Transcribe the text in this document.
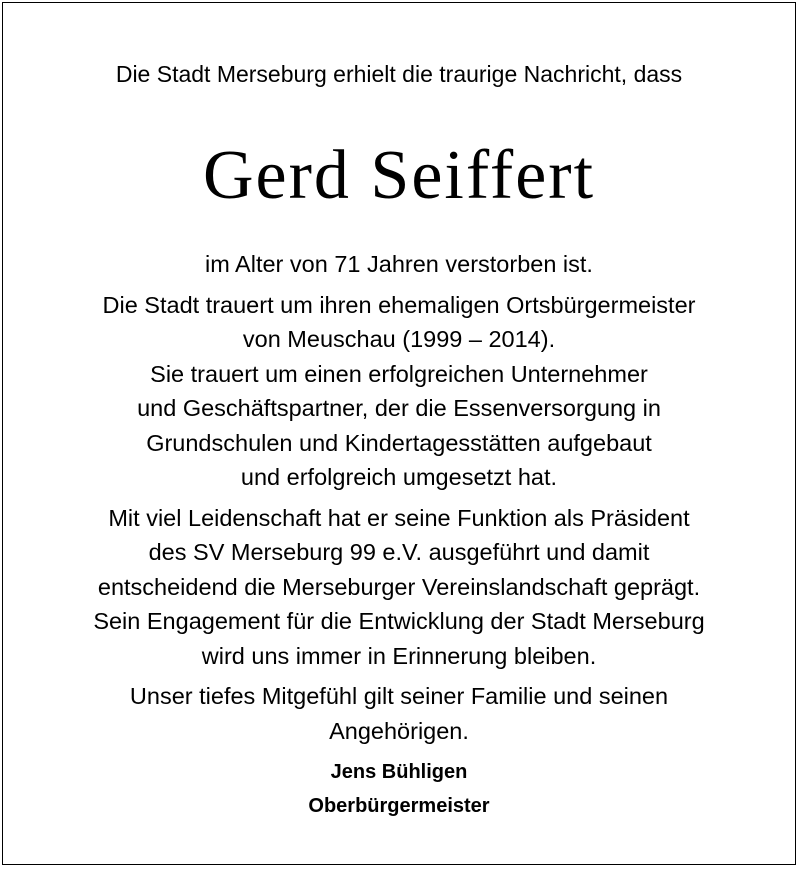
Die Stadt Merseburg erhielt die traurige Nachricht, dass
Gerd Seiffert

im Alter von 71 Jahren verstorben ist.

Die Stadt trauert um ihren ehemaligen Ortsbürgermeister
von Meuschau (1999 – 2014).
Sie trauert um einen erfolgreichen Unternehmer
und Geschäftspartner, der die Essenversorgung in
Grundschulen und Kindertagesstätten aufgebaut
und erfolgreich umgesetzt hat.

Mit viel Leidenschaft hat er seine Funktion als Präsident
des SV Merseburg 99 e.V. ausgeführt und damit
entscheidend die Merseburger Vereinslandschaft geprägt.
Sein Engagement für die Entwicklung der Stadt Merseburg
wird uns immer in Erinnerung bleiben.

Unser tiefes Mitgefühl gilt seiner Familie und seinen
Angehörigen.

Jens Bühligen
Oberbürgermeister
